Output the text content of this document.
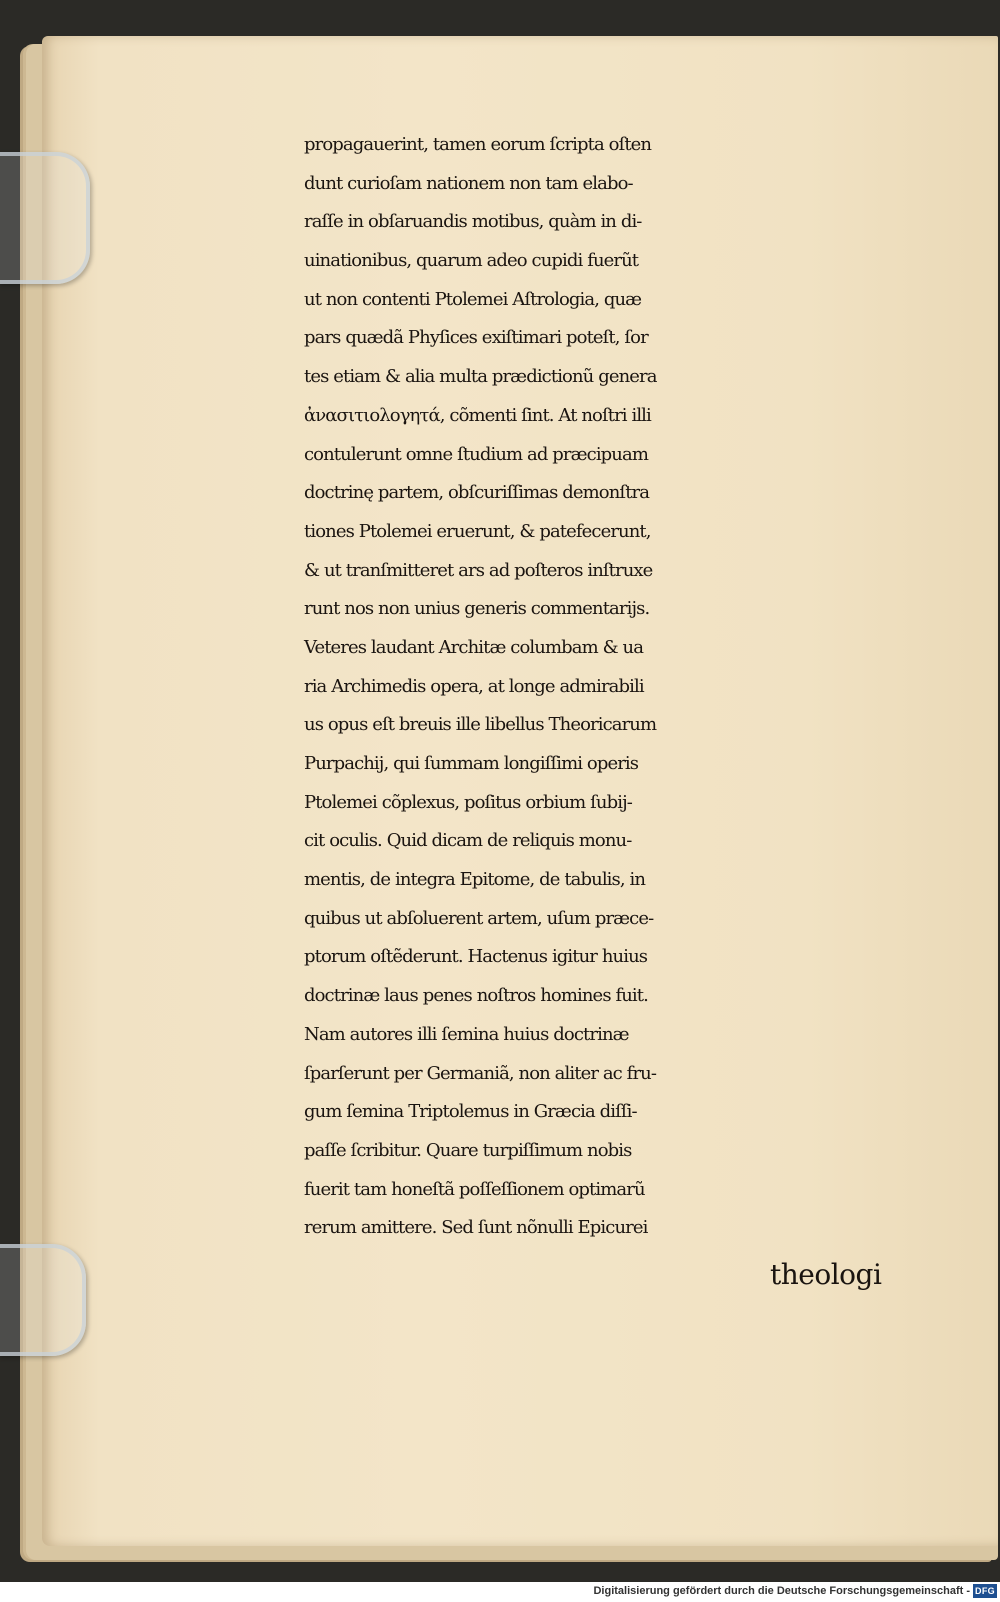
propagauerint, tamen eorum ſcripta oſten
dunt curioſam nationem non tam elabo-
raſſe in obſaruandis motibus, quàm in di-
uinationibus, quarum adeo cupidi fuerũt
ut non contenti Ptolemei Aſtrologia, quæ
pars quædã Phyſices exiſtimari poteſt, ſor
tes etiam & alia multa prædictionũ genera
ἀνασιτιολογητά, cõmenti ſint. At noſtri illi
contulerunt omne ſtudium ad præcipuam
doctrinę partem, obſcuriſſimas demonſtra
tiones Ptolemei eruerunt, & patefecerunt,
& ut tranſmitteret ars ad poſteros inſtruxe
runt nos non unius generis commentarijs.
Veteres laudant Architæ columbam & ua
ria Archimedis opera, at longe admirabili
us opus eſt breuis ille libellus Theoricarum
Purpachij, qui ſummam longiſſimi operis
Ptolemei cõplexus, poſitus orbium ſubij-
cit oculis. Quid dicam de reliquis monu-
mentis, de integra Epitome, de tabulis, in
quibus ut abſoluerent artem, uſum præce-
ptorum oſtẽderunt. Hactenus igitur huius
doctrinæ laus penes noſtros homines fuit.
Nam autores illi ſemina huius doctrinæ
ſparſerunt per Germaniã, non aliter ac fru-
gum ſemina Triptolemus in Græcia diſſi-
paſſe ſcribitur. Quare turpiſſimum nobis
fuerit tam honeſtã poſſeſſionem optimarũ
rerum amittere. Sed ſunt nõnulli Epicurei
theologi
Digitalisierung gefördert durch die Deutsche Forschungsgemeinschaft - DFG
